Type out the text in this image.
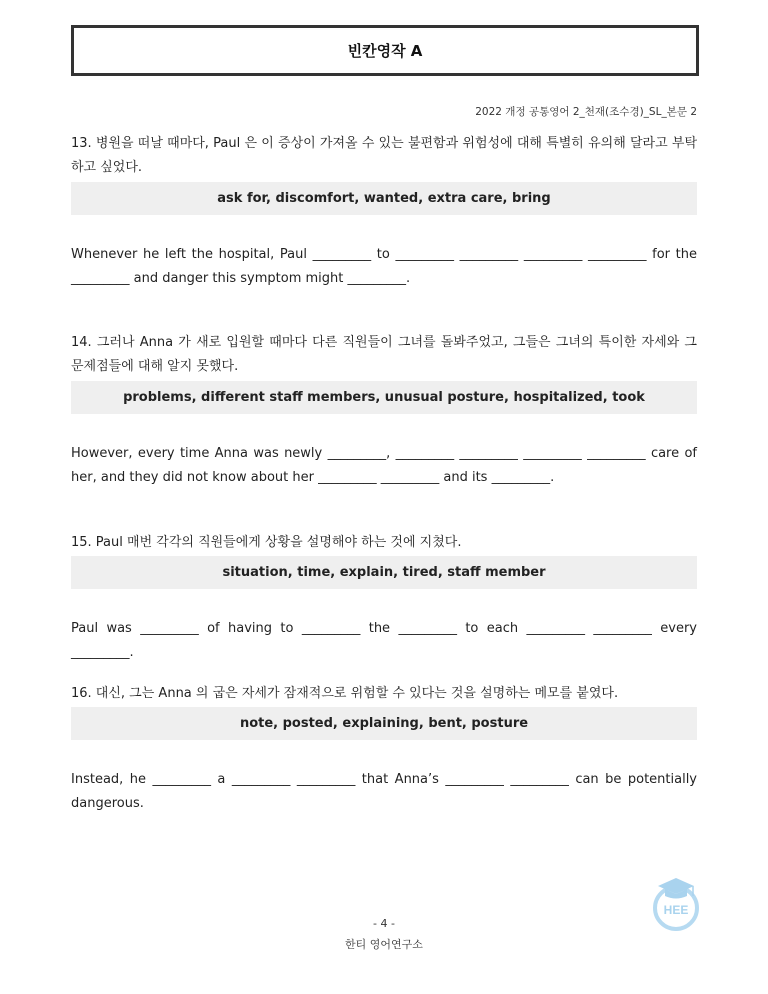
빈칸영작 A
2022 개정 공통영어 2_천재(조수경)_SL_본문 2
13. 병원을 떠날 때마다, Paul 은 이 증상이 가져올 수 있는 불편함과 위험성에 대해 특별히 유의해 달라고 부탁하고 싶었다.
ask for, discomfort, wanted, extra care, bring
Whenever he left the hospital, Paul _________ to _________ _________ _________ _________ for the _________ and danger this symptom might _________.
14. 그러나 Anna 가 새로 입원할 때마다 다른 직원들이 그녀를 돌봐주었고, 그들은 그녀의 특이한 자세와 그 문제점들에 대해 알지 못했다.
problems, different staff members, unusual posture, hospitalized, took
However, every time Anna was newly _________, _________ _________ _________ _________ care of her, and they did not know about her _________ _________ and its _________.
15. Paul 매번 각각의 직원들에게 상황을 설명해야 하는 것에 지쳤다.
situation, time, explain, tired, staff member
Paul was _________ of having to _________ the _________ to each _________ _________ every _________.
16. 대신, 그는 Anna 의 굽은 자세가 잠재적으로 위험할 수 있다는 것을 설명하는 메모를 붙였다.
note, posted, explaining, bent, posture
Instead, he _________ a _________ _________ that Anna’s _________ _________ can be potentially dangerous.
- 4 -
한티 영어연구소
HEE
